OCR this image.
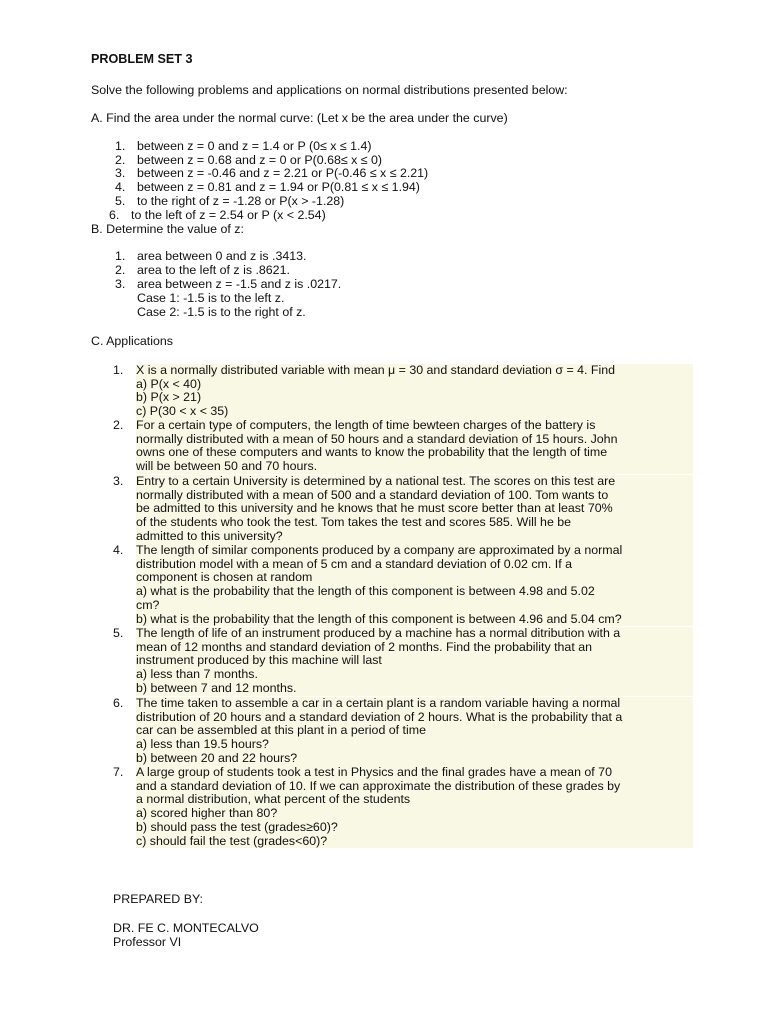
PROBLEM SET 3
Solve the following problems and applications on normal distributions presented below:
A. Find the area under the normal curve: (Let x be the area under the curve)
1. between z = 0 and z = 1.4 or P (0≤ x ≤ 1.4)
2. between z = 0.68 and z = 0 or P(0.68≤ x ≤ 0)
3. between z = -0.46 and z = 2.21 or P(-0.46 ≤ x ≤ 2.21)
4. between z = 0.81 and z = 1.94 or P(0.81 ≤ x ≤ 1.94)
5. to the right of z = -1.28 or P(x > -1.28)
6. to the left of z = 2.54 or P (x < 2.54)
B. Determine the value of z:
1. area between 0 and z is .3413.
2. area to the left of z is .8621.
3. area between z = -1.5 and z is .0217.
Case 1: -1.5 is to the left z.
Case 2: -1.5 is to the right of z.
C. Applications
1. X is a normally distributed variable with mean μ = 30 and standard deviation σ = 4. Find
a) P(x < 40)
b) P(x > 21)
c) P(30 < x < 35)
2. For a certain type of computers, the length of time bewteen charges of the battery is
normally distributed with a mean of 50 hours and a standard deviation of 15 hours. John
owns one of these computers and wants to know the probability that the length of time
will be between 50 and 70 hours.
3. Entry to a certain University is determined by a national test. The scores on this test are
normally distributed with a mean of 500 and a standard deviation of 100. Tom wants to
be admitted to this university and he knows that he must score better than at least 70%
of the students who took the test. Tom takes the test and scores 585. Will he be
admitted to this university?
4. The length of similar components produced by a company are approximated by a normal
distribution model with a mean of 5 cm and a standard deviation of 0.02 cm. If a
component is chosen at random
a) what is the probability that the length of this component is between 4.98 and 5.02
cm?
b) what is the probability that the length of this component is between 4.96 and 5.04 cm?
5. The length of life of an instrument produced by a machine has a normal ditribution with a
mean of 12 months and standard deviation of 2 months. Find the probability that an
instrument produced by this machine will last
a) less than 7 months.
b) between 7 and 12 months.
6. The time taken to assemble a car in a certain plant is a random variable having a normal
distribution of 20 hours and a standard deviation of 2 hours. What is the probability that a
car can be assembled at this plant in a period of time
a) less than 19.5 hours?
b) between 20 and 22 hours?
7. A large group of students took a test in Physics and the final grades have a mean of 70
and a standard deviation of 10. If we can approximate the distribution of these grades by
a normal distribution, what percent of the students
a) scored higher than 80?
b) should pass the test (grades≥60)?
c) should fail the test (grades<60)?
PREPARED BY:
DR. FE C. MONTECALVO
Professor VI
